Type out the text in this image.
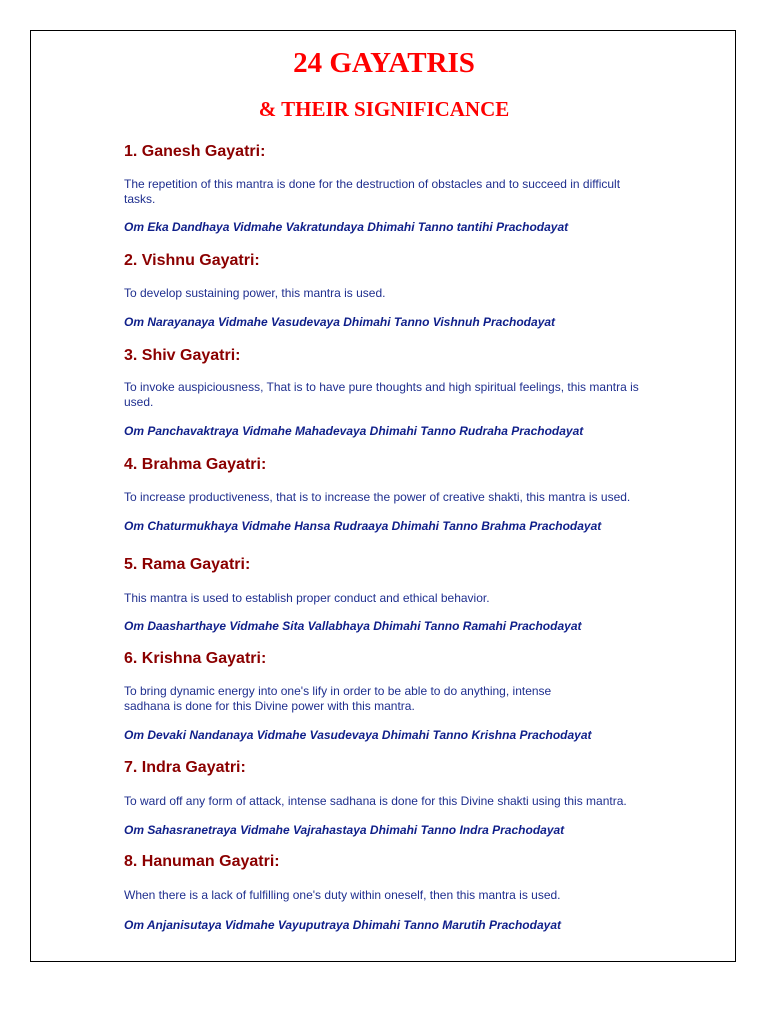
24 GAYATRIS
& THEIR SIGNIFICANCE
1. Ganesh Gayatri:

The repetition of this mantra is done for the destruction of obstacles and to succeed in difficult tasks.

Om Eka Dandhaya Vidmahe Vakratundaya Dhimahi Tanno tantihi Prachodayat

2. Vishnu Gayatri:

To develop sustaining power, this mantra is used.

Om Narayanaya Vidmahe Vasudevaya Dhimahi Tanno Vishnuh Prachodayat

3. Shiv Gayatri:

To invoke auspiciousness, That is to have pure thoughts and high spiritual feelings, this mantra is used.

Om Panchavaktraya Vidmahe Mahadevaya Dhimahi Tanno Rudraha Prachodayat

4. Brahma Gayatri:

To increase productiveness, that is to increase the power of creative shakti, this mantra is used.

Om Chaturmukhaya Vidmahe Hansa Rudraaya Dhimahi Tanno Brahma Prachodayat

5. Rama Gayatri:

This mantra is used to establish proper conduct and ethical behavior.

Om Daasharthaye Vidmahe Sita Vallabhaya Dhimahi Tanno Ramahi Prachodayat

6. Krishna Gayatri:

To bring dynamic energy into one's lify in order to be able to do anything, intense sadhana is done for this Divine power with this mantra.

Om Devaki Nandanaya Vidmahe Vasudevaya Dhimahi Tanno Krishna Prachodayat

7. Indra Gayatri:

To ward off any form of attack, intense sadhana is done for this Divine shakti using this mantra.

Om Sahasranetraya Vidmahe Vajrahastaya Dhimahi Tanno Indra Prachodayat

8. Hanuman Gayatri:

When there is a lack of fulfilling one's duty within oneself, then this mantra is used.

Om Anjanisutaya Vidmahe Vayuputraya Dhimahi Tanno Marutih Prachodayat
